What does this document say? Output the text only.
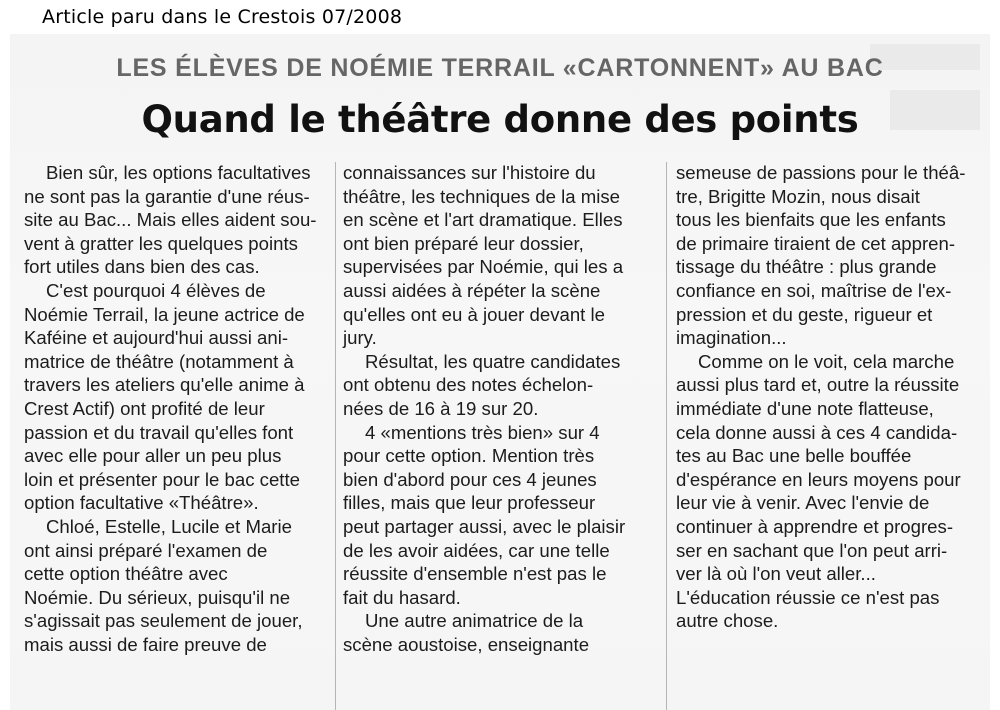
Article paru dans le Crestois 07/2008
LES ÉLÈVES DE NOÉMIE TERRAIL «CARTONNENT» AU BAC
Quand le théâtre donne des points
Bien sûr, les options facultatives
ne sont pas la garantie d'une réus-
site au Bac... Mais elles aident sou-
vent à gratter les quelques points
fort utiles dans bien des cas.
C'est pourquoi 4 élèves de
Noémie Terrail, la jeune actrice de
Kaféine et aujourd'hui aussi ani-
matrice de théâtre (notamment à
travers les ateliers qu'elle anime à
Crest Actif) ont profité de leur
passion et du travail qu'elles font
avec elle pour aller un peu plus
loin et présenter pour le bac cette
option facultative «Théâtre».
Chloé, Estelle, Lucile et Marie
ont ainsi préparé l'examen de
cette option théâtre avec
Noémie. Du sérieux, puisqu'il ne
s'agissait pas seulement de jouer,
mais aussi de faire preuve de
connaissances sur l'histoire du
théâtre, les techniques de la mise
en scène et l'art dramatique. Elles
ont bien préparé leur dossier,
supervisées par Noémie, qui les a
aussi aidées à répéter la scène
qu'elles ont eu à jouer devant le
jury.
Résultat, les quatre candidates
ont obtenu des notes échelon-
nées de 16 à 19 sur 20.
4 «mentions très bien» sur 4
pour cette option. Mention très
bien d'abord pour ces 4 jeunes
filles, mais que leur professeur
peut partager aussi, avec le plaisir
de les avoir aidées, car une telle
réussite d'ensemble n'est pas le
fait du hasard.
Une autre animatrice de la
scène aoustoise, enseignante
semeuse de passions pour le théâ-
tre, Brigitte Mozin, nous disait
tous les bienfaits que les enfants
de primaire tiraient de cet appren-
tissage du théâtre : plus grande
confiance en soi, maîtrise de l'ex-
pression et du geste, rigueur et
imagination...
Comme on le voit, cela marche
aussi plus tard et, outre la réussite
immédiate d'une note flatteuse,
cela donne aussi à ces 4 candida-
tes au Bac une belle bouffée
d'espérance en leurs moyens pour
leur vie à venir. Avec l'envie de
continuer à apprendre et progres-
ser en sachant que l'on peut arri-
ver là où l'on veut aller...
L'éducation réussie ce n'est pas
autre chose.
